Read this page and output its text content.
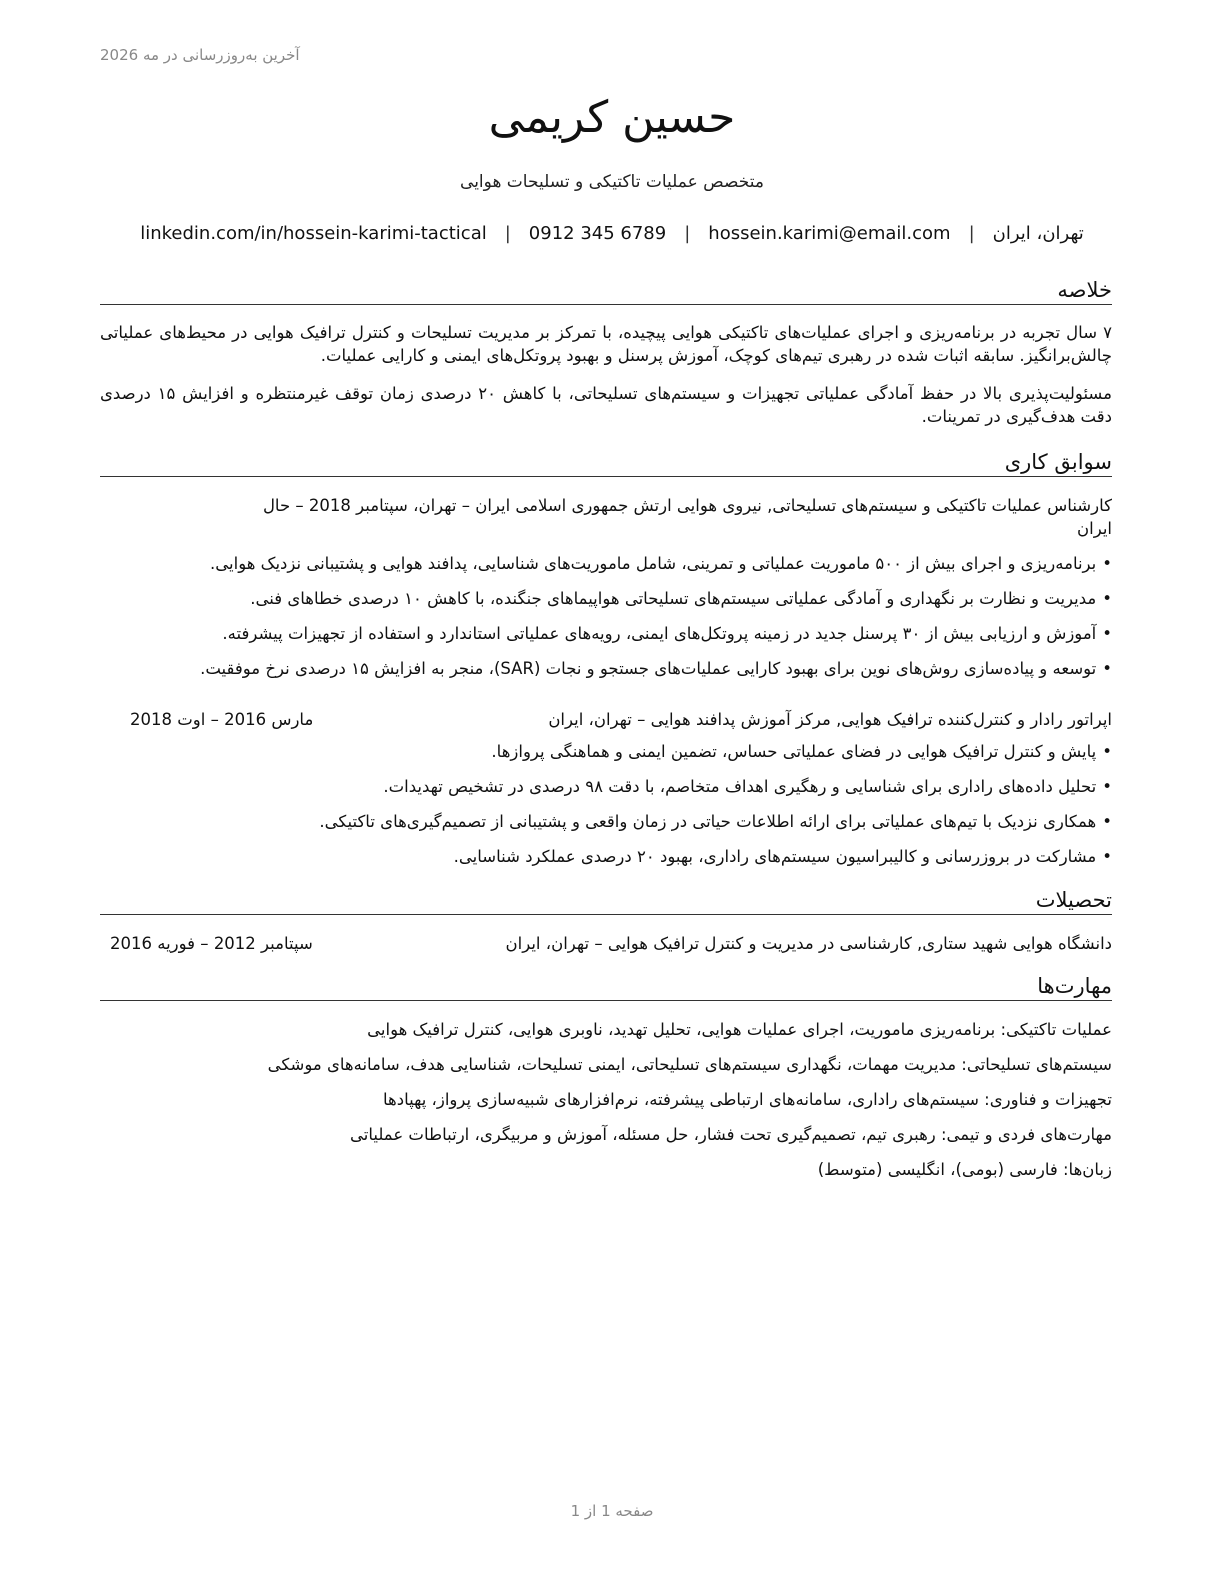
آخرین به‌روزرسانی در مه 2026
حسین کریمی
متخصص عملیات تاکتیکی و تسلیحات هوایی
تهران، ایران
|
hossein.karimi@email.com
|
0912 345 6789
|
linkedin.com/in/hossein-karimi-tactical
خلاصه
۷ سال تجربه در برنامه‌ریزی و اجرای عملیات‌های تاکتیکی هوایی پیچیده، با تمرکز بر مدیریت تسلیحات و کنترل ترافیک هوایی در محیط‌های عملیاتی چالش‌برانگیز. سابقه اثبات شده در رهبری تیم‌های کوچک، آموزش پرسنل و بهبود پروتکل‌های ایمنی و کارایی عملیات.
مسئولیت‌پذیری بالا در حفظ آمادگی عملیاتی تجهیزات و سیستم‌های تسلیحاتی، با کاهش ۲۰ درصدی زمان توقف غیرمنتظره و افزایش ۱۵ درصدی دقت هدف‌گیری در تمرینات.
سوابق کاری
کارشناس عملیات تاکتیکی و سیستم‌های تسلیحاتی, نیروی هوایی ارتش جمهوری اسلامی ایران – تهران، سپتامبر 2018 – حال
ایران
• برنامه‌ریزی و اجرای بیش از ۵۰۰ ماموریت عملیاتی و تمرینی، شامل ماموریت‌های شناسایی، پدافند هوایی و پشتیبانی نزدیک هوایی.
• مدیریت و نظارت بر نگهداری و آمادگی عملیاتی سیستم‌های تسلیحاتی هواپیماهای جنگنده، با کاهش ۱۰ درصدی خطاهای فنی.
• آموزش و ارزیابی بیش از ۳۰ پرسنل جدید در زمینه پروتکل‌های ایمنی، رویه‌های عملیاتی استاندارد و استفاده از تجهیزات پیشرفته.
• توسعه و پیاده‌سازی روش‌های نوین برای بهبود کارایی عملیات‌های جستجو و نجات (SAR)، منجر به افزایش ۱۵ درصدی نرخ موفقیت.
اپراتور رادار و کنترل‌کننده ترافیک هوایی, مرکز آموزش پدافند هوایی – تهران، ایران
مارس 2016 – اوت 2018
• پایش و کنترل ترافیک هوایی در فضای عملیاتی حساس، تضمین ایمنی و هماهنگی پروازها.
• تحلیل داده‌های راداری برای شناسایی و رهگیری اهداف متخاصم، با دقت ۹۸ درصدی در تشخیص تهدیدات.
• همکاری نزدیک با تیم‌های عملیاتی برای ارائه اطلاعات حیاتی در زمان واقعی و پشتیبانی از تصمیم‌گیری‌های تاکتیکی.
• مشارکت در بروزرسانی و کالیبراسیون سیستم‌های راداری، بهبود ۲۰ درصدی عملکرد شناسایی.
تحصیلات
دانشگاه هوایی شهید ستاری, کارشناسی در مدیریت و کنترل ترافیک هوایی – تهران، ایران
سپتامبر 2012 – فوریه 2016
مهارت‌ها
عملیات تاکتیکی: برنامه‌ریزی ماموریت، اجرای عملیات هوایی، تحلیل تهدید، ناوبری هوایی، کنترل ترافیک هوایی
سیستم‌های تسلیحاتی: مدیریت مهمات، نگهداری سیستم‌های تسلیحاتی، ایمنی تسلیحات، شناسایی هدف، سامانه‌های موشکی
تجهیزات و فناوری: سیستم‌های راداری، سامانه‌های ارتباطی پیشرفته، نرم‌افزارهای شبیه‌سازی پرواز، پهپادها
مهارت‌های فردی و تیمی: رهبری تیم، تصمیم‌گیری تحت فشار، حل مسئله، آموزش و مربیگری، ارتباطات عملیاتی
زبان‌ها: فارسی (بومی)، انگلیسی (متوسط)
صفحه 1 از 1
